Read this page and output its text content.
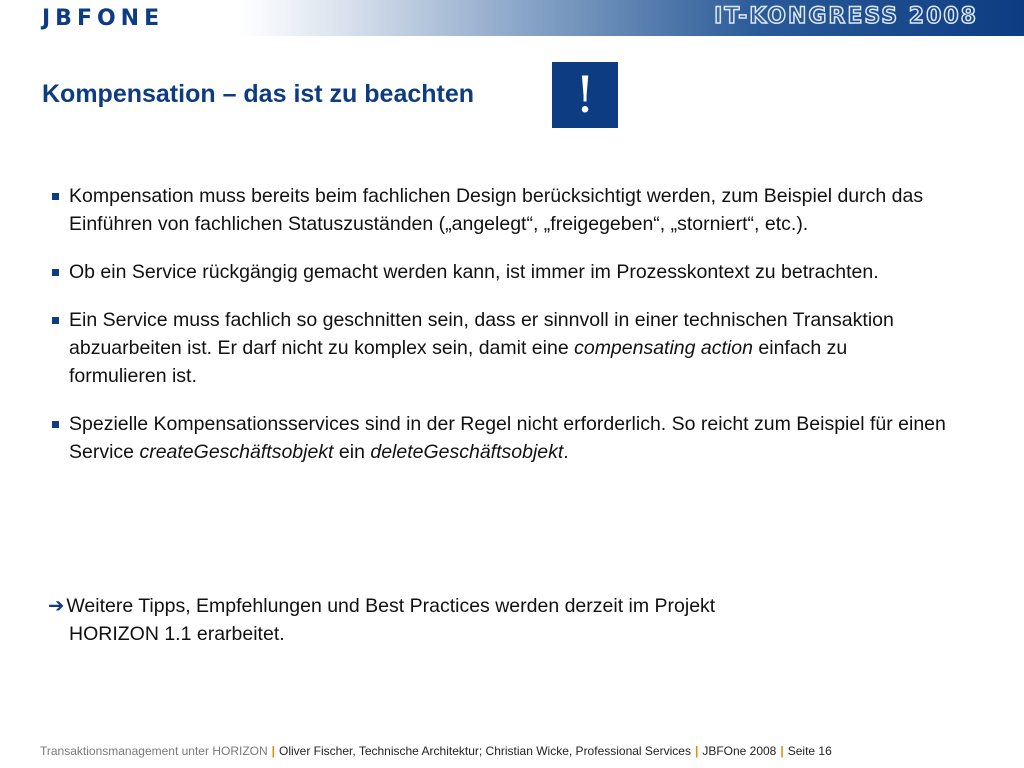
JBFONE	IT-KONGRESS 2008
Kompensation – das ist zu beachten	!
Kompensation muss bereits beim fachlichen Design berücksichtigt werden, zum Beispiel durch das Einführen von fachlichen Statuszuständen („angelegt“, „freigegeben“, „storniert“, etc.).
Ob ein Service rückgängig gemacht werden kann, ist immer im Prozesskontext zu betrachten.
Ein Service muss fachlich so geschnitten sein, dass er sinnvoll in einer technischen Transaktion abzuarbeiten ist. Er darf nicht zu komplex sein, damit eine compensating action einfach zu formulieren ist.
Spezielle Kompensationsservices sind in der Regel nicht erforderlich. So reicht zum Beispiel für einen Service createGeschäftsobjekt ein deleteGeschäftsobjekt.
➔ Weitere Tipps, Empfehlungen und Best Practices werden derzeit im Projekt
HORIZON 1.1 erarbeitet.
Transaktionsmanagement unter HORIZON | Oliver Fischer, Technische Architektur; Christian Wicke, Professional Services | JBFOne 2008 | Seite 16
